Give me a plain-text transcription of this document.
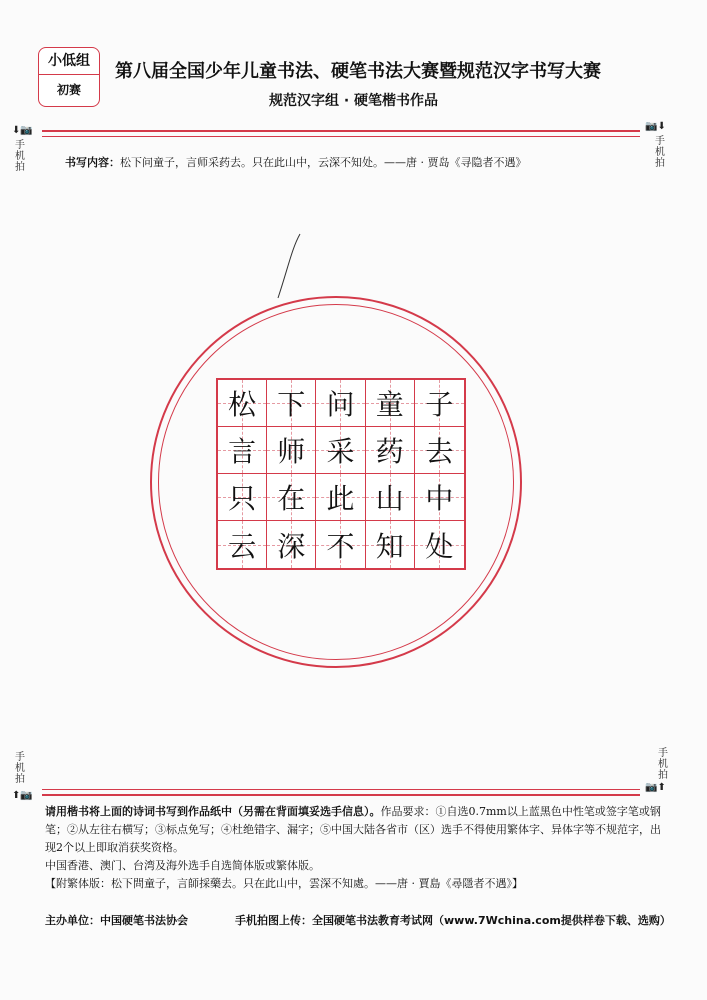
小低组
初赛
第八届全国少年儿童书法、硬笔书法大赛暨规范汉字书写大赛
规范汉字组 · 硬笔楷书作品
⬇📷
手机拍
📷⬇
手机拍
书写内容：松下问童子，言师采药去。只在此山中，云深不知处。——唐 · 贾岛《寻隐者不遇》
松 下 问 童 子
言 师 采 药 去
只 在 此 山 中
云 深 不 知 处
手机拍
⬆📷
手机拍
📷⬆
请用楷书将上面的诗词书写到作品纸中（另需在背面填妥选手信息）。作品要求：①自选0.7mm以上蓝黑色中性笔或签字笔或钢笔；②从左往右横写；③标点免写；④杜绝错字、漏字；⑤中国大陆各省市（区）选手不得使用繁体字、异体字等不规范字，出现2个以上即取消获奖资格。
中国香港、澳门、台湾及海外选手自选简体版或繁体版。
【附繁体版：松下問童子，言師採藥去。只在此山中，雲深不知處。——唐 · 賈島《尋隱者不遇》】
主办单位：中国硬笔书法协会	手机拍图上传：全国硬笔书法教育考试网（www.7Wchina.com提供样卷下载、选购）
